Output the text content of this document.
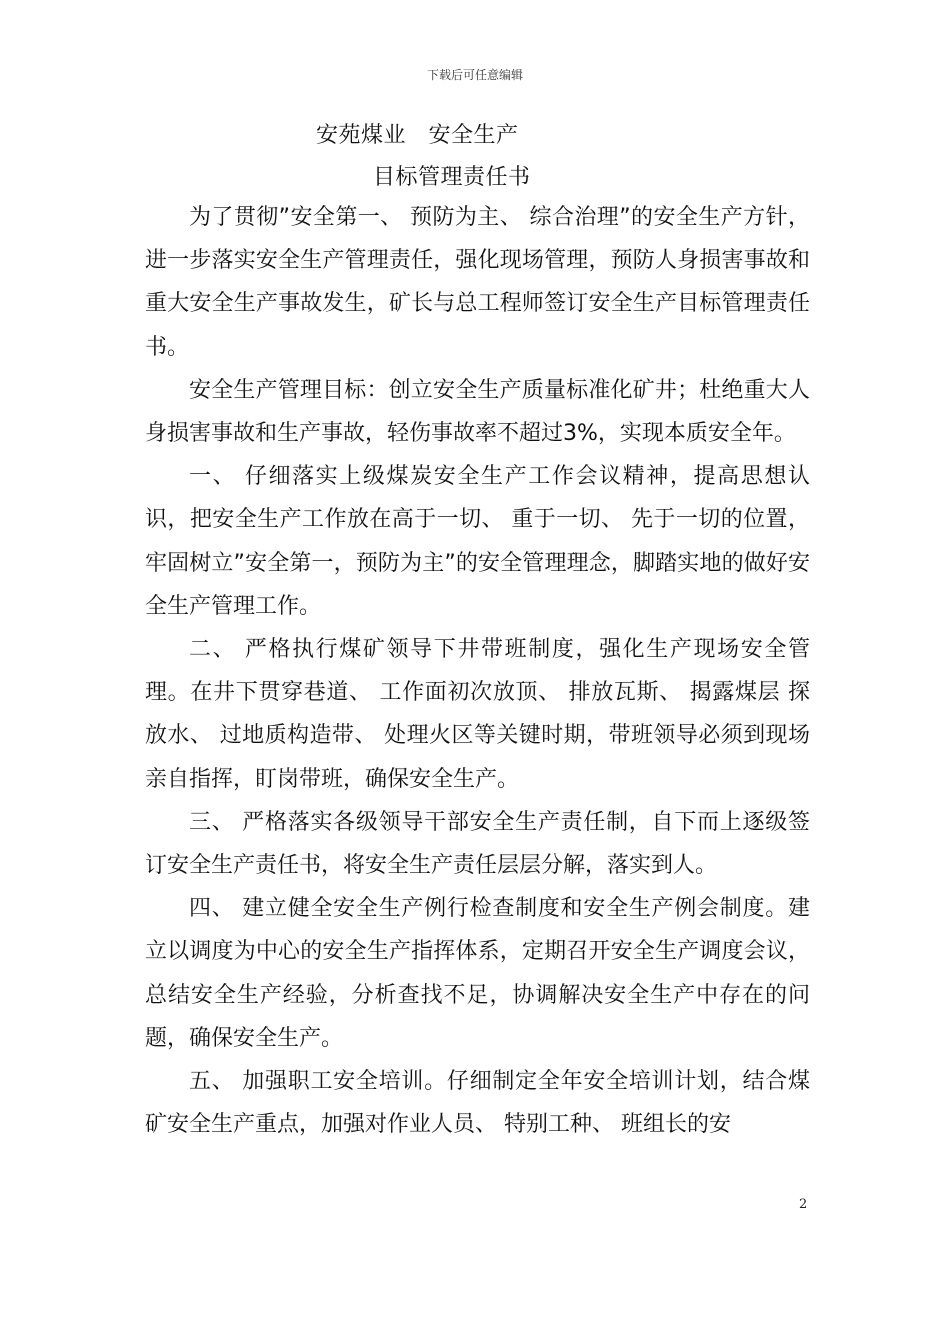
下载后可任意编辑
安苑煤业　安全生产
目标管理责任书

为了贯彻”安全第一、 预防为主、 综合治理”的安全生产方针，进一步落实安全生产管理责任，强化现场管理，预防人身损害事故和重大安全生产事故发生，矿长与总工程师签订安全生产目标管理责任书。

安全生产管理目标：创立安全生产质量标准化矿井；杜绝重大人身损害事故和生产事故，轻伤事故率不超过3%，实现本质安全年。

一、 仔细落实上级煤炭安全生产工作会议精神，提高思想认识，把安全生产工作放在高于一切、 重于一切、 先于一切的位置，牢固树立”安全第一，预防为主”的安全管理理念，脚踏实地的做好安全生产管理工作。

二、 严格执行煤矿领导下井带班制度，强化生产现场安全管理。在井下贯穿巷道、 工作面初次放顶、 排放瓦斯、 揭露煤层 探放水、 过地质构造带、 处理火区等关键时期，带班领导必须到现场亲自指挥，盯岗带班，确保安全生产。

三、 严格落实各级领导干部安全生产责任制，自下而上逐级签订安全生产责任书，将安全生产责任层层分解，落实到人。

四、 建立健全安全生产例行检查制度和安全生产例会制度。建立以调度为中心的安全生产指挥体系，定期召开安全生产调度会议，总结安全生产经验，分析查找不足，协调解决安全生产中存在的问题，确保安全生产。

五、 加强职工安全培训。仔细制定全年安全培训计划，结合煤矿安全生产重点，加强对作业人员、 特别工种、 班组长的安

2
